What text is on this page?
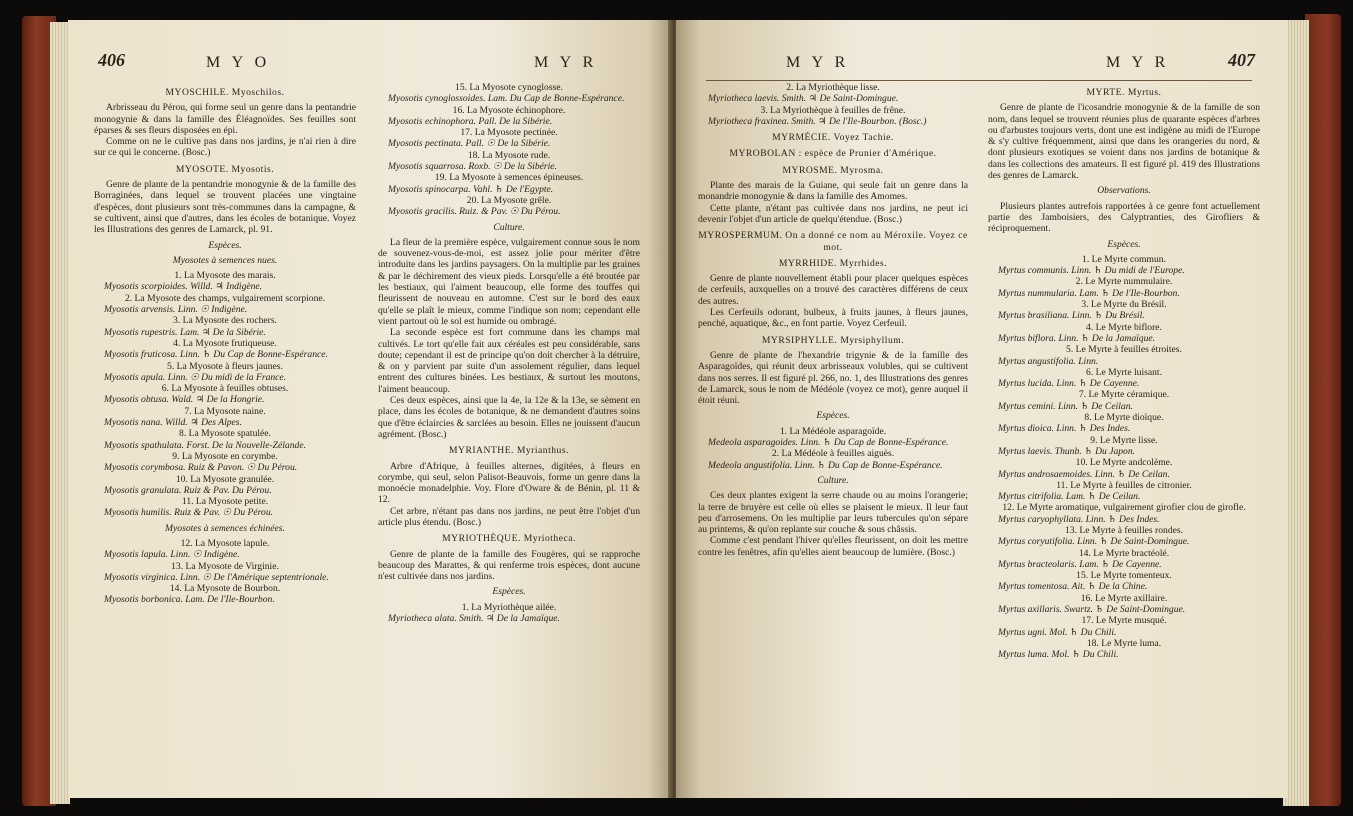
406	M Y O	M Y R

MYOSCHILE. Myoschilos.

Arbrisseau du Pérou, qui forme seul un genre dans la pentandrie monogynie & dans la famille des Éléagnoïdes. Ses feuilles sont éparses & ses fleurs disposées en épi.

Comme on ne le cultive pas dans nos jardins, je n'ai rien à dire sur ce qui le concerne. (Bosc.)

MYOSOTE. Myosotis.

Genre de plante de la pentandrie monogynie & de la famille des Borraginées, dans lequel se trouvent placées une vingtaine d'espèces, dont plusieurs sont très-communes dans la campagne, & se cultivent, ainsi que d'autres, dans les écoles de botanique. Voyez les Illustrations des genres de Lamarck, pl. 91.

Espèces.

Myosotes à semences nues.

1. La Myosote des marais.

Myosotis scorpioides. Willd. ♃ Indigène.

2. La Myosote des champs, vulgairement scorpione.

Myosotis arvensis. Linn. ☉ Indigène.

3. La Myosote des rochers.

Myosotis rupestris. Lam. ♃ De la Sibérie.

4. La Myosote frutiqueuse.

Myosotis fruticosa. Linn. ♄ Du Cap de Bonne-Espérance.

5. La Myosote à fleurs jaunes.

Myosotis apula. Linn. ☉ Du midi de la France.

6. La Myosote à feuilles obtuses.

Myosotis obtusa. Wald. ♃ De la Hongrie.

7. La Myosote naine.

Myosotis nana. Willd. ♃ Des Alpes.

8. La Myosote spatulée.

Myosotis spathulata. Forst. De la Nouvelle-Zélande.

9. La Myosote en corymbe.

Myosotis corymbosa. Ruiz & Pavon. ☉ Du Pérou.

10. La Myosote granulée.

Myosotis granulata. Ruiz & Pav. Du Pérou.

11. La Myosote petite.

Myosotis humilis. Ruiz & Pav. ☉ Du Pérou.

Myosotes à semences échinées.

12. La Myosote lapule.

Myosotis lapula. Linn. ☉ Indigène.

13. La Myosote de Virginie.

Myosotis virginica. Linn. ☉ De l'Amérique septentrionale.

14. La Myosote de Bourbon.

Myosotis borbonica. Lam. De l'Ile-Bourbon.

15. La Myosote cynoglosse.

Myosotis cynoglossoides. Lam. Du Cap de Bonne-Espérance.

16. La Myosote échinophore.

Myosotis echinophora. Pall. De la Sibérie.

17. La Myosote pectinée.

Myosotis pectinata. Pall. ☉ De la Sibérie.

18. La Myosote rude.

Myosotis squarrosa. Roxb. ☉ De la Sibérie.

19. La Myosote à semences épineuses.

Myosotis spinocarpa. Vahl. ♄ De l'Egypte.

20. La Myosote grêle.

Myosotis gracilis. Ruiz. & Pav. ☉ Du Pérou.

Culture.

La fleur de la première espèce, vulgairement connue sous le nom de souvenez-vous-de-moi, est assez jolie pour mériter d'être introduite dans les jardins paysagers. On la multiplie par les graines & par le déchirement des vieux pieds. Lorsqu'elle a été broutée par les bestiaux, qui l'aiment beaucoup, elle forme des touffes qui fleurissent de nouveau en automne. C'est sur le bord des eaux qu'elle se plaît le mieux, comme l'indique son nom; cependant elle vient partout où le sol est humide ou ombragé.

La seconde espèce est fort commune dans les champs mal cultivés. Le tort qu'elle fait aux céréales est peu considérable, sans doute; cependant il est de principe qu'on doit chercher à la détruire, & on y parvient par suite d'un assolement régulier, dans lequel entrent des cultures binées. Les bestiaux, & surtout les moutons, l'aiment beaucoup.

Ces deux espèces, ainsi que la 4e, la 12e & la 13e, se sèment en place, dans les écoles de botanique, & ne demandent d'autres soins que d'être éclaircies & sarclées au besoin. Elles ne jouissent d'aucun agrément. (Bosc.)

MYRIANTHE. Myrianthus.

Arbre d'Afrique, à feuilles alternes, digitées, à fleurs en corymbe, qui seul, selon Palisot-Beauvois, forme un genre dans la monoécie monadelphie. Voy. Flore d'Oware & de Bénin, pl. 11 & 12.

Cet arbre, n'étant pas dans nos jardins, ne peut être l'objet d'un article plus étendu. (Bosc.)

MYRIOTHÈQUE. Myriotheca.

Genre de plante de la famille des Fougères, qui se rapproche beaucoup des Marattes, & qui renferme trois espèces, dont aucune n'est cultivée dans nos jardins.

Espèces.

1. La Myriothèque ailée.

Myriotheca alata. Smith. ♃ De la Jamaïque.

M Y R	M Y R	407

2. La Myriothèque lisse.

Myriotheca laevis. Smith. ♃ De Saint-Domingue.

3. La Myriothèque à feuilles de frêne.

Myriotheca fraxinea. Smith. ♃ De l'Ile-Bourbon. (Bosc.)

MYRMÉCIE. Voyez Tachie.

MYROBOLAN : espèce de Prunier d'Amérique.

MYROSME. Myrosma.

Plante des marais de la Guiane, qui seule fait un genre dans la monandrie monogynie & dans la famille des Amomes.

Cette plante, n'étant pas cultivée dans nos jardins, ne peut ici devenir l'objet d'un article de quelqu'étendue. (Bosc.)

MYROSPERMUM. On a donné ce nom au Méroxile. Voyez ce mot.

MYRRHIDE. Myrrhides.

Genre de plante nouvellement établi pour placer quelques espèces de cerfeuils, auxquelles on a trouvé des caractères différens de ceux des autres.

Les Cerfeuils odorant, bulbeux, à fruits jaunes, à fleurs jaunes, penché, aquatique, &c., en font partie. Voyez Cerfeuil.

MYRSIPHYLLE. Myrsiphyllum.

Genre de plante de l'hexandrie trigynie & de la famille des Asparagoïdes, qui réunit deux arbrisseaux volubles, qui se cultivent dans nos serres. Il est figuré pl. 266, no. 1, des Illustrations des genres de Lamarck, sous le nom de Médéole (voyez ce mot), genre auquel il étoit réuni.

Espèces.

1. La Médéole asparagoïde.

Medeola asparagoides. Linn. ♄ Du Cap de Bonne-Espérance.

2. La Médéole à feuilles aiguës.

Medeola angustifolia. Linn. ♄ Du Cap de Bonne-Espérance.

Culture.

Ces deux plantes exigent la serre chaude ou au moins l'orangerie; la terre de bruyère est celle où elles se plaisent le mieux. Il leur faut peu d'arrosemens. On les multiplie par leurs tubercules qu'on sépare au printems, & qu'on replante sur couche & sous châssis.

Comme c'est pendant l'hiver qu'elles fleurissent, on doit les mettre contre les fenêtres, afin qu'elles aient beaucoup de lumière. (Bosc.)

MYRTE. Myrtus.

Genre de plante de l'icosandrie monogynie & de la famille de son nom, dans lequel se trouvent réunies plus de quarante espèces d'arbres ou d'arbustes toujours verts, dont une est indigène au midi de l'Europe & s'y cultive fréquemment, ainsi que dans les orangeries du nord, & dont plusieurs exotiques se voient dans nos jardins de botanique & dans les collections des amateurs. Il est figuré pl. 419 des Illustrations des genres de Lamarck.

Observations.

Plusieurs plantes autrefois rapportées à ce genre font actuellement partie des Jamboisiers, des Calyptranties, des Girofliers & réciproquement.

Espèces.

1. Le Myrte commun.

Myrtus communis. Linn. ♄ Du midi de l'Europe.

2. Le Myrte nummulaire.

Myrtus nummularia. Lam. ♄ De l'Ile-Bourbon.

3. Le Myrte du Brésil.

Myrtus brasiliana. Linn. ♄ Du Brésil.

4. Le Myrte biflore.

Myrtus biflora. Linn. ♄ De la Jamaïque.

5. Le Myrte à feuilles étroites.

Myrtus angustifolia. Linn.

6. Le Myrte luisant.

Myrtus lucida. Linn. ♄ De Cayenne.

7. Le Myrte céramique.

Myrtus cemini. Linn. ♄ De Ceilan.

8. Le Myrte dioïque.

Myrtus dioica. Linn. ♄ Des Indes.

9. Le Myrte lisse.

Myrtus laevis. Thunb. ♄ Du Japon.

10. Le Myrte andcolème.

Myrtus androsaemoides. Linn. ♄ De Ceilan.

11. Le Myrte à feuilles de citronier.

Myrtus citrifolia. Lam. ♄ De Ceilan.

12. Le Myrte aromatique, vulgairement girofier clou de girofle.

Myrtus caryophyllata. Linn. ♄ Des Indes.

13. Le Myrte à feuilles rondes.

Myrtus coryutifolia. Linn. ♄ De Saint-Domingue.

14. Le Myrte bractéolé.

Myrtus bracteolaris. Lam. ♄ De Cayenne.

15. Le Myrte tomenteux.

Myrtus tomentosa. Ait. ♄ De la Chine.

16. Le Myrte axillaire.

Myrtus axillaris. Swartz. ♄ De Saint-Domingue.

17. Le Myrte musqué.

Myrtus ugni. Mol. ♄ Du Chili.

18. Le Myrte luma.

Myrtus luma. Mol. ♄ Du Chili.
